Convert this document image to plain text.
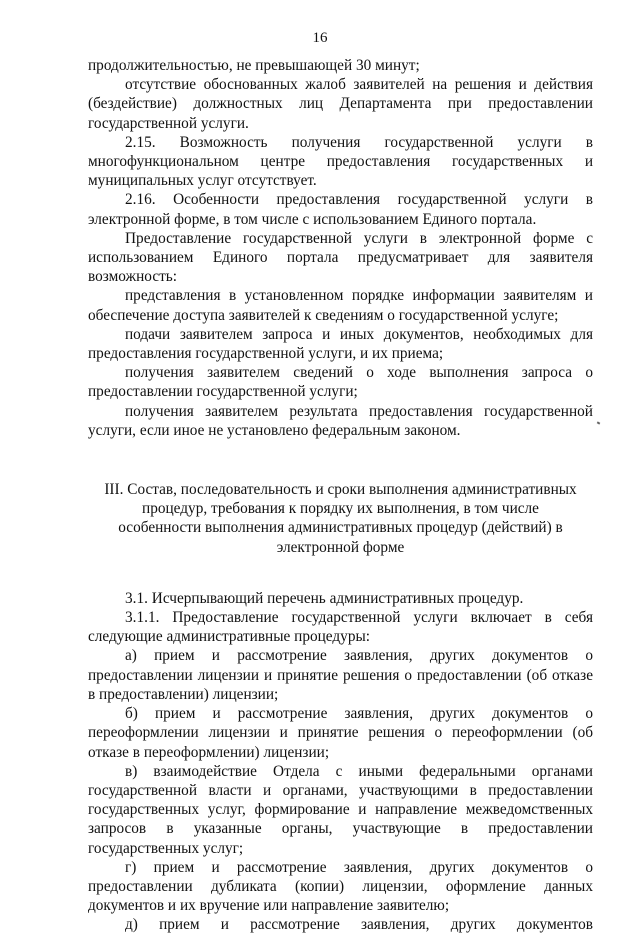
16

продолжительностью, не превышающей 30 минут;

отсутствие обоснованных жалоб заявителей на решения и действия (бездействие) должностных лиц Департамента при предоставлении государственной услуги.

2.15. Возможность получения государственной услуги в многофункциональном центре предоставления государственных и муниципальных услуг отсутствует.

2.16. Особенности предоставления государственной услуги в электронной форме, в том числе с использованием Единого портала.

Предоставление государственной услуги в электронной форме с использованием Единого портала предусматривает для заявителя возможность:

представления в установленном порядке информации заявителям и обеспечение доступа заявителей к сведениям о государственной услуге;

подачи заявителем запроса и иных документов, необходимых для предоставления государственной услуги, и их приема;

получения заявителем сведений о ходе выполнения запроса о предоставлении государственной услуги;

получения заявителем результата предоставления государственной услуги, если иное не установлено федеральным законом.

III. Состав, последовательность и сроки выполнения административных процедур, требования к порядку их выполнения, в том числе особенности выполнения административных процедур (действий) в электронной форме

3.1. Исчерпывающий перечень административных процедур.

3.1.1. Предоставление государственной услуги включает в себя следующие административные процедуры:

а) прием и рассмотрение заявления, других документов о предоставлении лицензии и принятие решения о предоставлении (об отказе в предоставлении) лицензии;

б) прием и рассмотрение заявления, других документов о переоформлении лицензии и принятие решения о переоформлении (об отказе в переоформлении) лицензии;

в) взаимодействие Отдела с иными федеральными органами государственной власти и органами, участвующими в предоставлении государственных услуг, формирование и направление межведомственных запросов в указанные органы, участвующие в предоставлении государственных услуг;

г) прием и рассмотрение заявления, других документов о предоставлении дубликата (копии) лицензии, оформление данных документов и их вручение или направление заявителю;

д) прием и рассмотрение заявления, других документов
